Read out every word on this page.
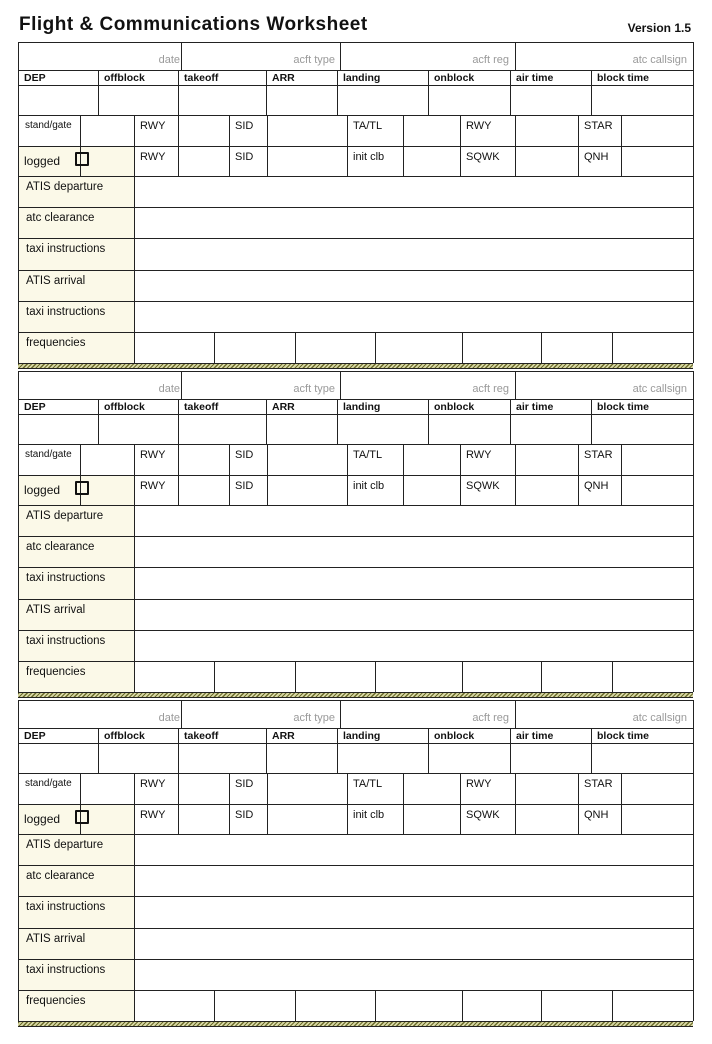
Flight & Communications Worksheet	Version 1.5
date	acft type	acft reg	atc callsign
DEP	offblock	takeoff	ARR	landing	onblock	air time	block time
stand/gate	RWY	SID	TA/TL	RWY	STAR
logged	RWY	SID	init clb	SQWK	QNH
ATIS departure
atc clearance
taxi instructions
ATIS arrival
taxi instructions
frequencies
date	acft type	acft reg	atc callsign
DEP	offblock	takeoff	ARR	landing	onblock	air time	block time
stand/gate	RWY	SID	TA/TL	RWY	STAR
logged	RWY	SID	init clb	SQWK	QNH
ATIS departure
atc clearance
taxi instructions
ATIS arrival
taxi instructions
frequencies
date	acft type	acft reg	atc callsign
DEP	offblock	takeoff	ARR	landing	onblock	air time	block time
stand/gate	RWY	SID	TA/TL	RWY	STAR
logged	RWY	SID	init clb	SQWK	QNH
ATIS departure
atc clearance
taxi instructions
ATIS arrival
taxi instructions
frequencies
